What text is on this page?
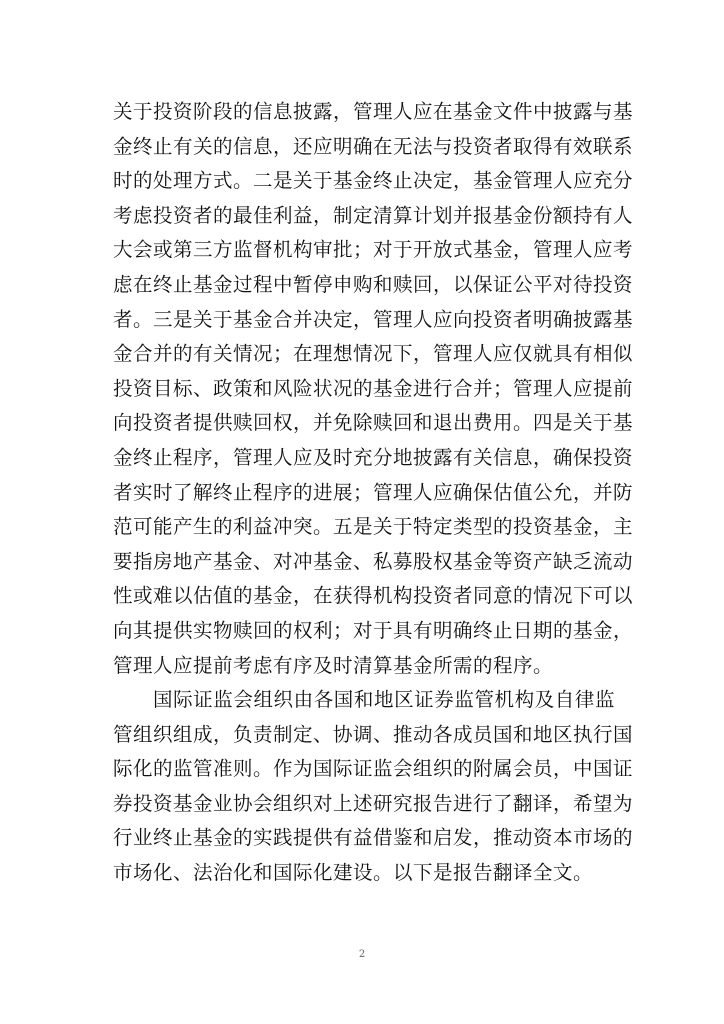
关于投资阶段的信息披露，管理人应在基金文件中披露与基
金终止有关的信息，还应明确在无法与投资者取得有效联系
时的处理方式。二是关于基金终止决定，基金管理人应充分
考虑投资者的最佳利益，制定清算计划并报基金份额持有人
大会或第三方监督机构审批；对于开放式基金，管理人应考
虑在终止基金过程中暂停申购和赎回，以保证公平对待投资
者。三是关于基金合并决定，管理人应向投资者明确披露基
金合并的有关情况；在理想情况下，管理人应仅就具有相似
投资目标、政策和风险状况的基金进行合并；管理人应提前
向投资者提供赎回权，并免除赎回和退出费用。四是关于基
金终止程序，管理人应及时充分地披露有关信息，确保投资
者实时了解终止程序的进展；管理人应确保估值公允，并防
范可能产生的利益冲突。五是关于特定类型的投资基金，主
要指房地产基金、对冲基金、私募股权基金等资产缺乏流动
性或难以估值的基金，在获得机构投资者同意的情况下可以
向其提供实物赎回的权利；对于具有明确终止日期的基金，
管理人应提前考虑有序及时清算基金所需的程序。
国际证监会组织由各国和地区证券监管机构及自律监
管组织组成，负责制定、协调、推动各成员国和地区执行国
际化的监管准则。作为国际证监会组织的附属会员，中国证
券投资基金业协会组织对上述研究报告进行了翻译，希望为
行业终止基金的实践提供有益借鉴和启发，推动资本市场的
市场化、法治化和国际化建设。以下是报告翻译全文。
2
